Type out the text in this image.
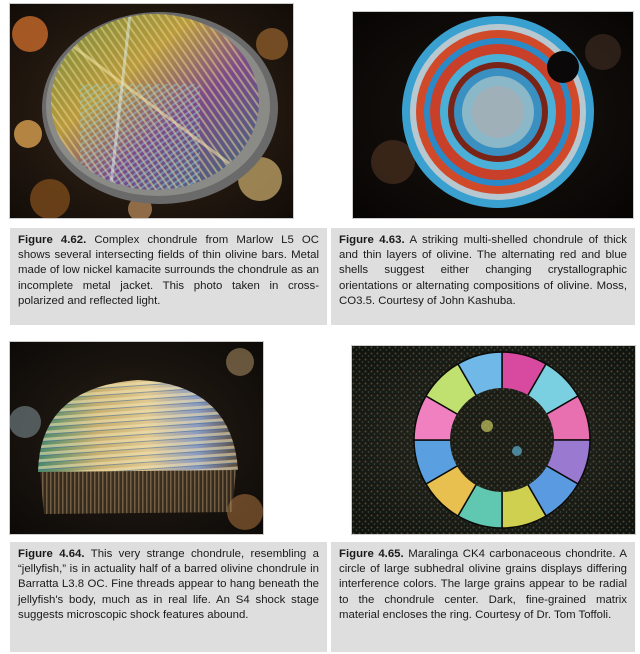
Figure 4.62. Complex chondrule from Marlow L5 OC shows several intersecting fields of thin olivine bars. Metal made of low nickel kamacite surrounds the chondrule as an incomplete metal jacket. This photo taken in cross-polarized and reflected light.
Figure 4.63. A striking multi-shelled chondrule of thick and thin layers of olivine. The alternating red and blue shells suggest either changing crystallographic orientations or alternating compositions of olivine. Moss, CO3.5. Courtesy of John Kashuba.
Figure 4.64. This very strange chondrule, resembling a “jellyfish,” is in actuality half of a barred olivine chondrule in Barratta L3.8 OC. Fine threads appear to hang beneath the jellyfish's body, much as in real life. An S4 shock stage suggests microscopic shock features abound.
Figure 4.65. Maralinga CK4 carbonaceous chondrite. A circle of large subhedral olivine grains displays differing interference colors. The large grains appear to be radial to the chondrule center. Dark, fine-grained matrix material encloses the ring. Courtesy of Dr. Tom Toffoli.
